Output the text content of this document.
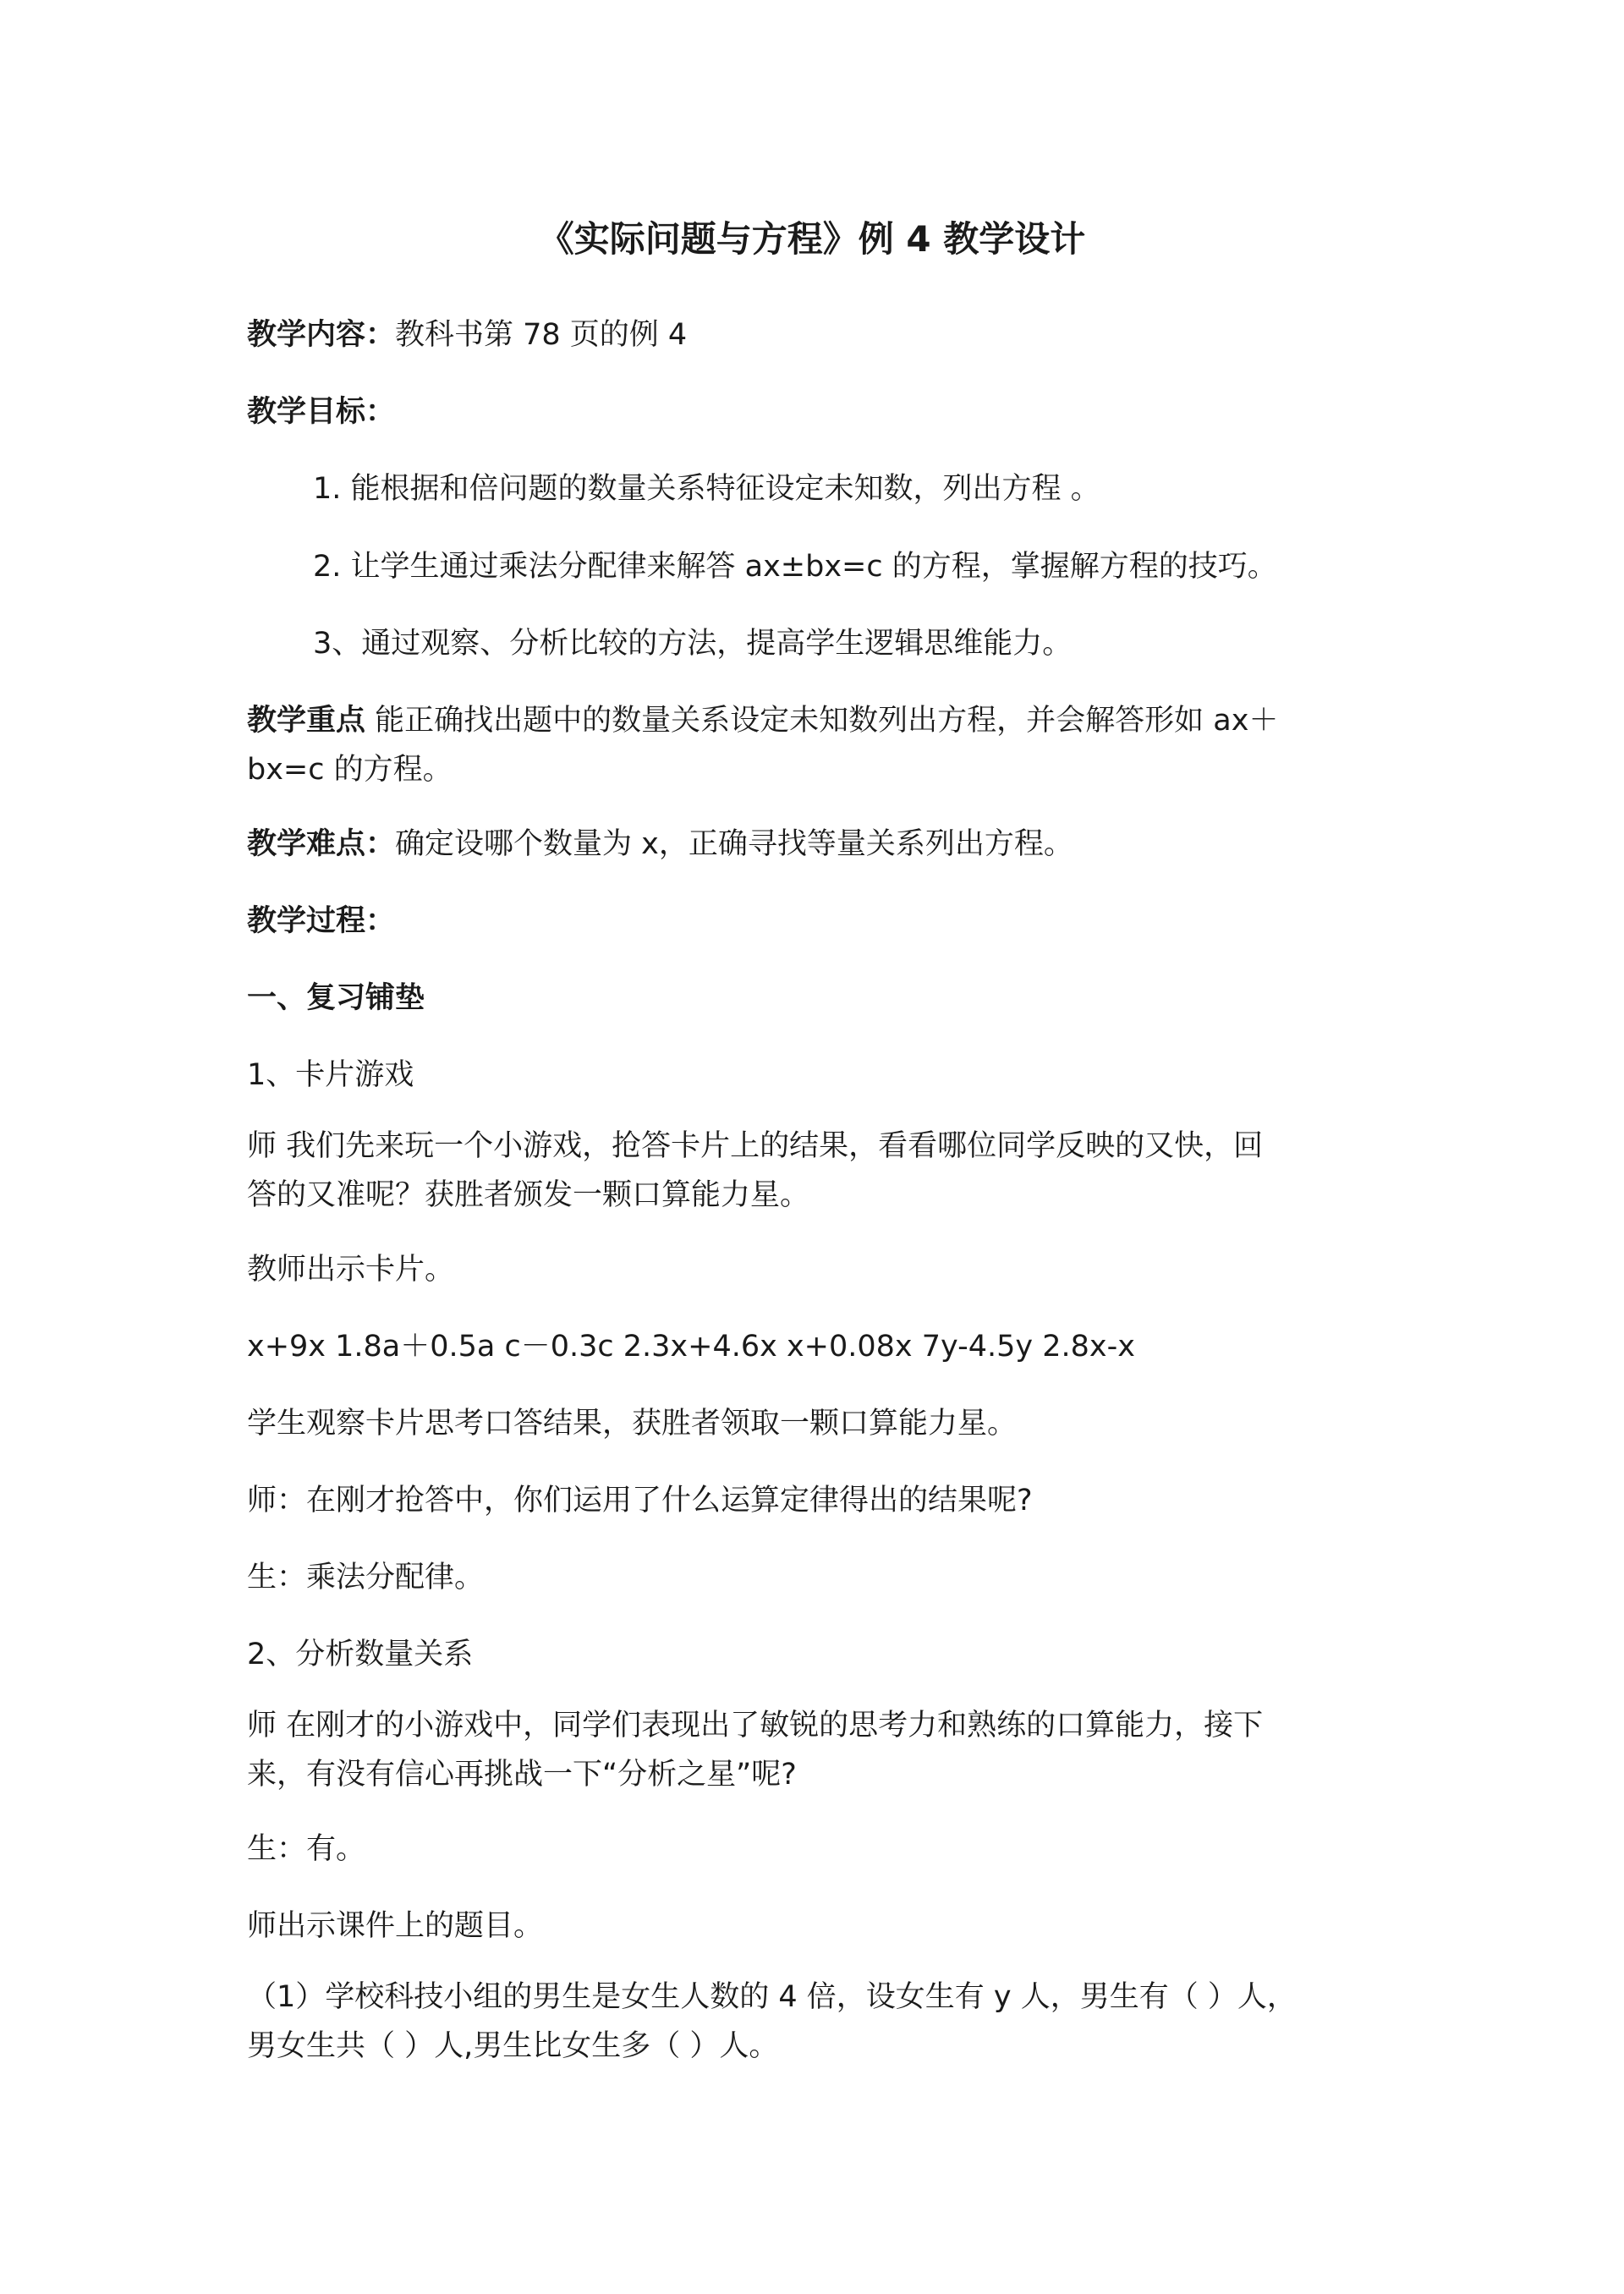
《实际问题与方程》例 4 教学设计
教学内容：教科书第 78 页的例 4
教学目标：
1. 能根据和倍问题的数量关系特征设定未知数，列出方程 。
2. 让学生通过乘法分配律来解答 ax±bx=c 的方程，掌握解方程的技巧。
3、通过观察、分析比较的方法，提高学生逻辑思维能力。
教学重点 能正确找出题中的数量关系设定未知数列出方程，并会解答形如 ax＋
bx=c 的方程。
教学难点：确定设哪个数量为 x，正确寻找等量关系列出方程。
教学过程：
一、复习铺垫
1、卡片游戏
师 我们先来玩一个小游戏，抢答卡片上的结果，看看哪位同学反映的又快，回
答的又准呢？获胜者颁发一颗口算能力星。
教师出示卡片。
x+9x 1.8a＋0.5a c－0.3c 2.3x+4.6x x+0.08x 7y-4.5y 2.8x-x
学生观察卡片思考口答结果，获胜者领取一颗口算能力星。
师：在刚才抢答中，你们运用了什么运算定律得出的结果呢?
生：乘法分配律。
2、分析数量关系
师 在刚才的小游戏中，同学们表现出了敏锐的思考力和熟练的口算能力，接下
来，有没有信心再挑战一下“分析之星”呢?
生：有。
师出示课件上的题目。
（1）学校科技小组的男生是女生人数的 4 倍，设女生有 y 人，男生有（ ）人，
男女生共（ ）人,男生比女生多（ ）人。
